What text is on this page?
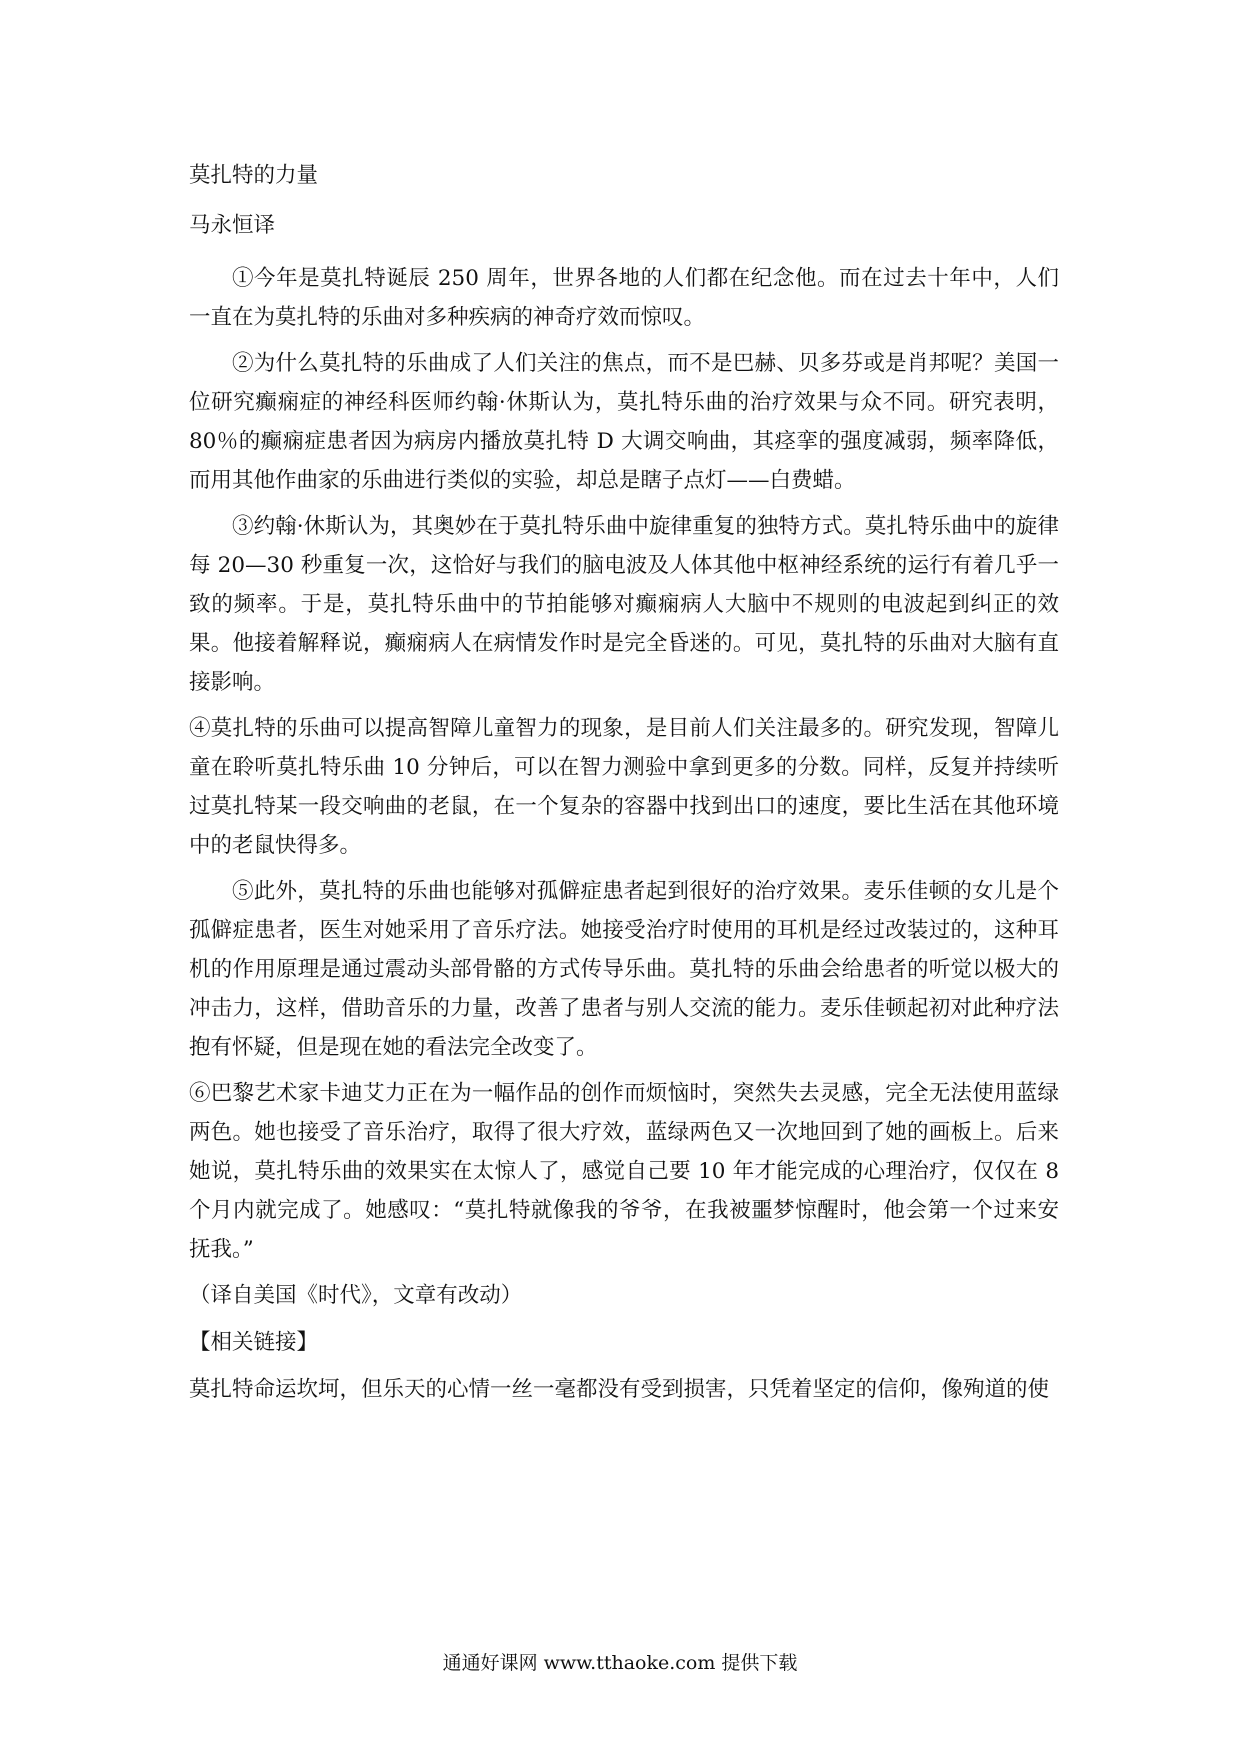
莫扎特的力量

马永恒译

①今年是莫扎特诞辰 250 周年，世界各地的人们都在纪念他。而在过去十年中，人们一直在为莫扎特的乐曲对多种疾病的神奇疗效而惊叹。

②为什么莫扎特的乐曲成了人们关注的焦点，而不是巴赫、贝多芬或是肖邦呢？美国一位研究癫痫症的神经科医师约翰·休斯认为，莫扎特乐曲的治疗效果与众不同。研究表明，80％的癫痫症患者因为病房内播放莫扎特 D 大调交响曲，其痉挛的强度减弱，频率降低，而用其他作曲家的乐曲进行类似的实验，却总是瞎子点灯——白费蜡。

③约翰·休斯认为，其奥妙在于莫扎特乐曲中旋律重复的独特方式。莫扎特乐曲中的旋律每 20—30 秒重复一次，这恰好与我们的脑电波及人体其他中枢神经系统的运行有着几乎一致的频率。于是，莫扎特乐曲中的节拍能够对癫痫病人大脑中不规则的电波起到纠正的效果。他接着解释说，癫痫病人在病情发作时是完全昏迷的。可见，莫扎特的乐曲对大脑有直接影响。

④莫扎特的乐曲可以提高智障儿童智力的现象，是目前人们关注最多的。研究发现，智障儿童在聆听莫扎特乐曲 10 分钟后，可以在智力测验中拿到更多的分数。同样，反复并持续听过莫扎特某一段交响曲的老鼠，在一个复杂的容器中找到出口的速度，要比生活在其他环境中的老鼠快得多。

⑤此外，莫扎特的乐曲也能够对孤僻症患者起到很好的治疗效果。麦乐佳顿的女儿是个孤僻症患者，医生对她采用了音乐疗法。她接受治疗时使用的耳机是经过改装过的，这种耳机的作用原理是通过震动头部骨骼的方式传导乐曲。莫扎特的乐曲会给患者的听觉以极大的冲击力，这样，借助音乐的力量，改善了患者与别人交流的能力。麦乐佳顿起初对此种疗法抱有怀疑，但是现在她的看法完全改变了。

⑥巴黎艺术家卡迪艾力正在为一幅作品的创作而烦恼时，突然失去灵感，完全无法使用蓝绿两色。她也接受了音乐治疗，取得了很大疗效，蓝绿两色又一次地回到了她的画板上。后来她说，莫扎特乐曲的效果实在太惊人了，感觉自己要 10 年才能完成的心理治疗，仅仅在 8 个月内就完成了。她感叹：“莫扎特就像我的爷爷，在我被噩梦惊醒时，他会第一个过来安抚我。”

（译自美国《时代》，文章有改动）

【相关链接】

莫扎特命运坎坷，但乐天的心情一丝一毫都没有受到损害，只凭着坚定的信仰，像殉道的使

通通好课网 www.tthaoke.com 提供下载
